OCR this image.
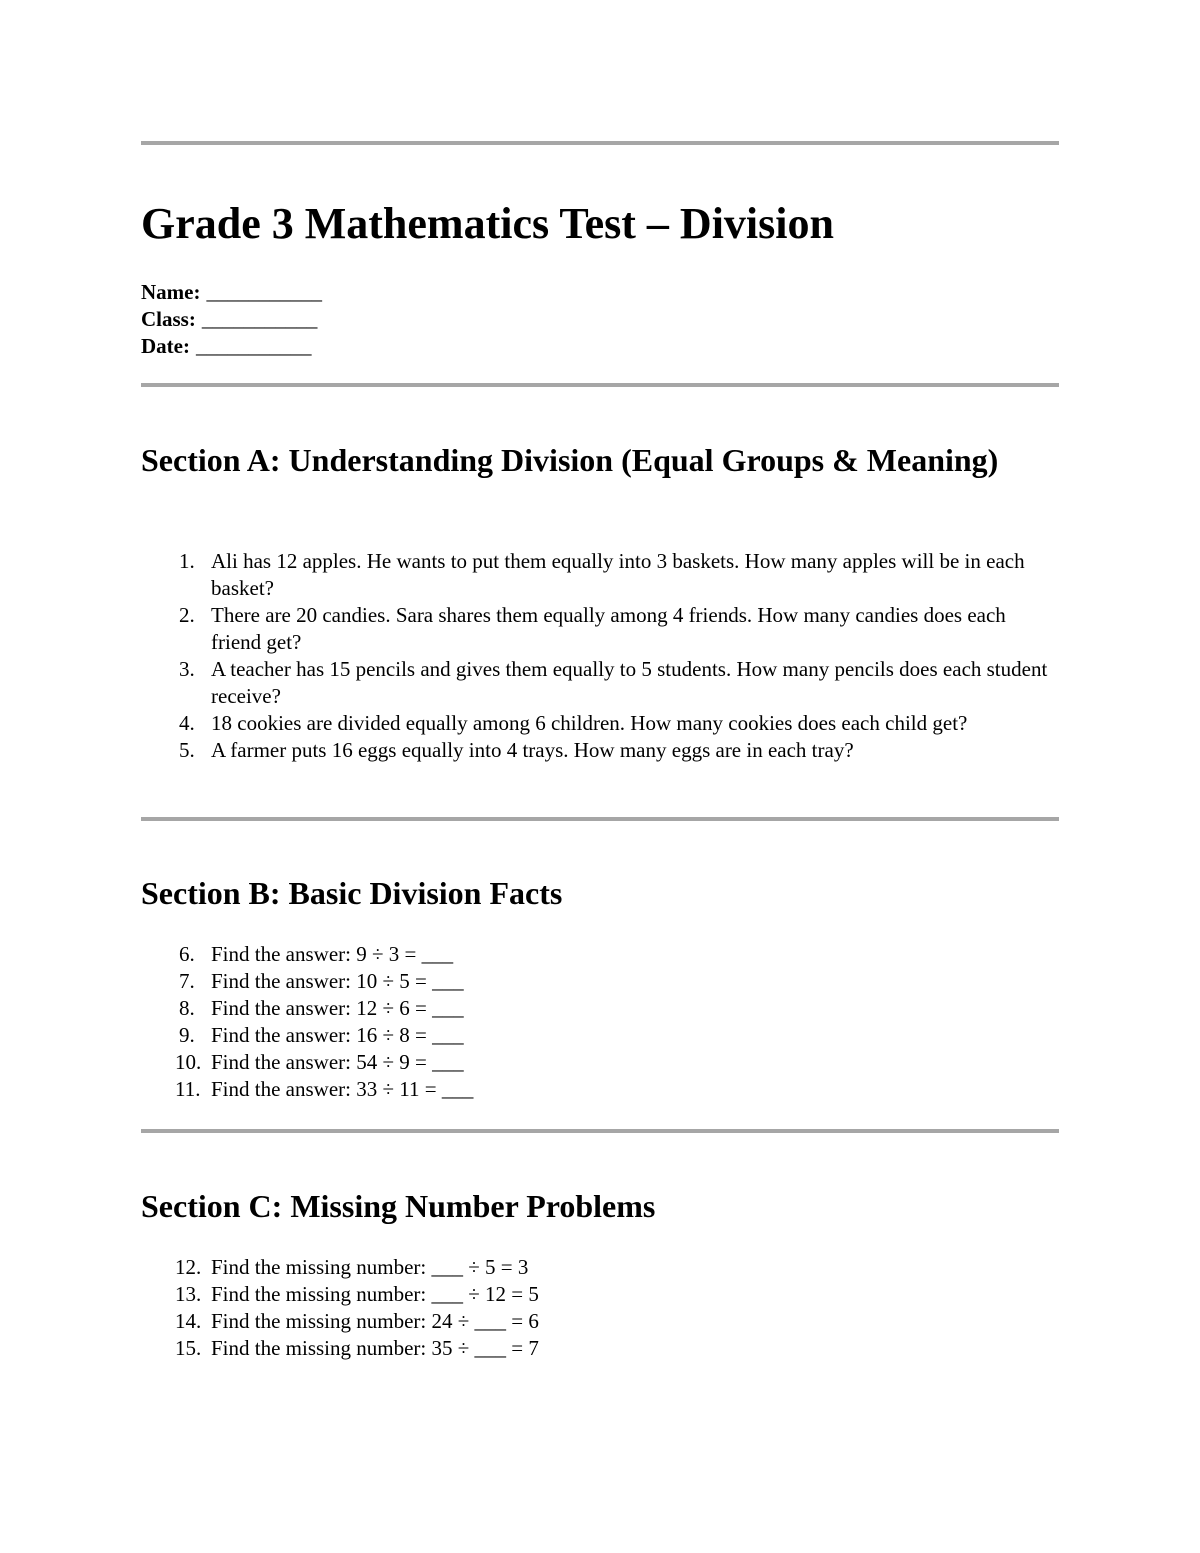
Grade 3 Mathematics Test – Division
Name: ___________
Class: ___________
Date: ___________
Section A: Understanding Division (Equal Groups & Meaning)
1. Ali has 12 apples. He wants to put them equally into 3 baskets. How many apples will be in each basket?
2. There are 20 candies. Sara shares them equally among 4 friends. How many candies does each friend get?
3. A teacher has 15 pencils and gives them equally to 5 students. How many pencils does each student receive?
4. 18 cookies are divided equally among 6 children. How many cookies does each child get?
5. A farmer puts 16 eggs equally into 4 trays. How many eggs are in each tray?
Section B: Basic Division Facts
6. Find the answer: 9 ÷ 3 = ___
7. Find the answer: 10 ÷ 5 = ___
8. Find the answer: 12 ÷ 6 = ___
9. Find the answer: 16 ÷ 8 = ___
10. Find the answer: 54 ÷ 9 = ___
11. Find the answer: 33 ÷ 11 = ___
Section C: Missing Number Problems
12. Find the missing number: ___ ÷ 5 = 3
13. Find the missing number: ___ ÷ 12 = 5
14. Find the missing number: 24 ÷ ___ = 6
15. Find the missing number: 35 ÷ ___ = 7
